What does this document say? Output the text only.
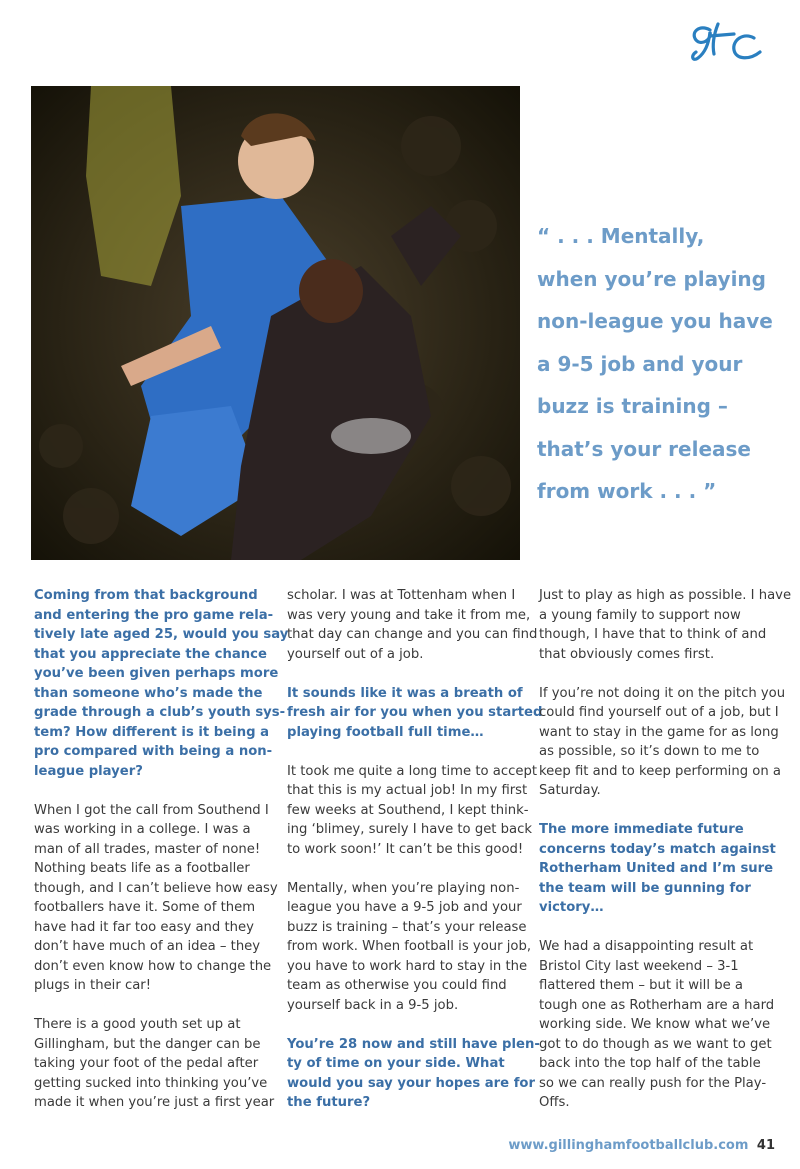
“ . . . Mentally,
when you’re playing
non-league you have
a 9-5 job and your
buzz is training –
that’s your release
from work . . . ”

Coming from that background
and entering the pro game rela-
tively late aged 25, would you say
that you appreciate the chance
you’ve been given perhaps more
than someone who’s made the
grade through a club’s youth sys-
tem? How different is it being a
pro compared with being a non-
league player?

When I got the call from Southend I
was working in a college. I was a
man of all trades, master of none!
Nothing beats life as a footballer
though, and I can’t believe how easy
footballers have it. Some of them
have had it far too easy and they
don’t have much of an idea – they
don’t even know how to change the
plugs in their car!

There is a good youth set up at
Gillingham, but the danger can be
taking your foot of the pedal after
getting sucked into thinking you’ve
made it when you’re just a first year

scholar. I was at Tottenham when I
was very young and take it from me,
that day can change and you can find
yourself out of a job.

It sounds like it was a breath of
fresh air for you when you started
playing football full time…

It took me quite a long time to accept
that this is my actual job! In my first
few weeks at Southend, I kept think-
ing ‘blimey, surely I have to get back
to work soon!’ It can’t be this good!

Mentally, when you’re playing non-
league you have a 9-5 job and your
buzz is training – that’s your release
from work. When football is your job,
you have to work hard to stay in the
team as otherwise you could find
yourself back in a 9-5 job.

You’re 28 now and still have plen-
ty of time on your side. What
would you say your hopes are for
the future?

Just to play as high as possible. I have
a young family to support now
though, I have that to think of and
that obviously comes first.

If you’re not doing it on the pitch you
could find yourself out of a job, but I
want to stay in the game for as long
as possible, so it’s down to me to
keep fit and to keep performing on a
Saturday.

The more immediate future
concerns today’s match against
Rotherham United and I’m sure
the team will be gunning for
victory…

We had a disappointing result at
Bristol City last weekend – 3-1
flattered them – but it will be a
tough one as Rotherham are a hard
working side. We know what we’ve
got to do though as we want to get
back into the top half of the table
so we can really push for the Play-
Offs.

www.gillinghamfootballclub.com 41
